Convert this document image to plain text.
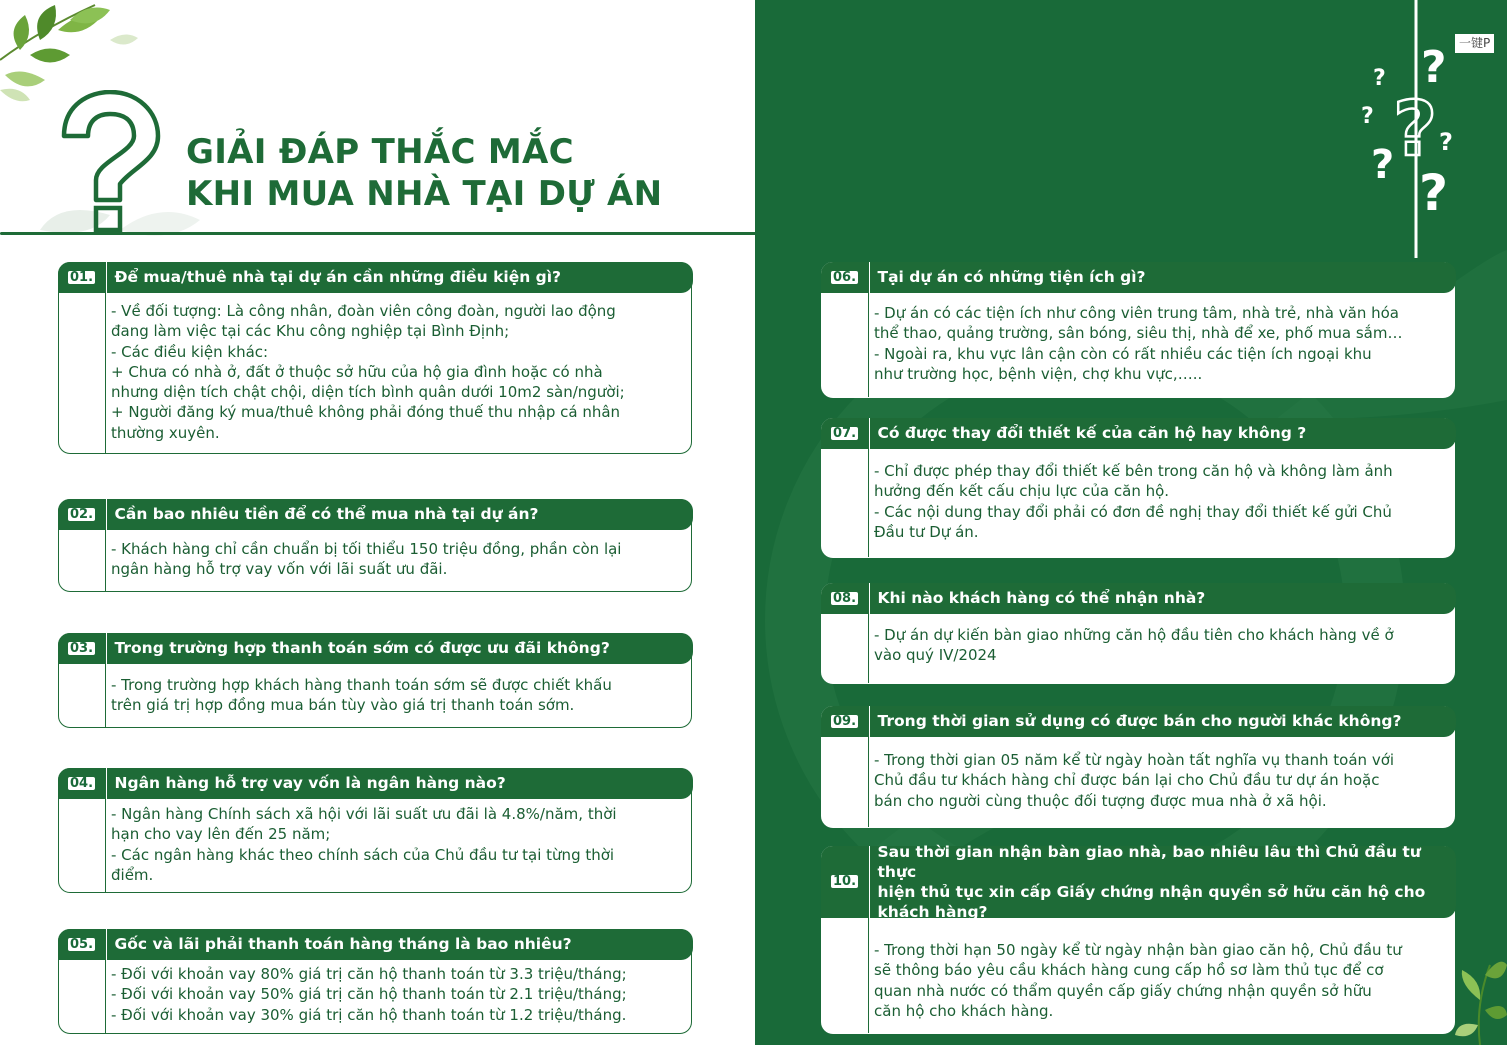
GIẢI ĐÁP THẮC MẮC
KHI MUA NHÀ TẠI DỰ ÁN
? ?
? ? ?
? ?
一键P
01.	Để mua/thuê nhà tại dự án cần những điều kiện gì?
- Về đối tượng: Là công nhân, đoàn viên công đoàn, người lao động
đang làm việc tại các Khu công nghiệp tại Bình Định;
- Các điều kiện khác:
+ Chưa có nhà ở, đất ở thuộc sở hữu của hộ gia đình hoặc có nhà
nhưng diện tích chật chội, diện tích bình quân dưới 10m2 sàn/người;
+ Người đăng ký mua/thuê không phải đóng thuế thu nhập cá nhân
thường xuyên.
02.	Cần bao nhiêu tiền để có thể mua nhà tại dự án?
- Khách hàng chỉ cần chuẩn bị tối thiểu 150 triệu đồng, phần còn lại
ngân hàng hỗ trợ vay vốn với lãi suất ưu đãi.
03.	Trong trường hợp thanh toán sớm có được ưu đãi không?
- Trong trường hợp khách hàng thanh toán sớm sẽ được chiết khấu
trên giá trị hợp đồng mua bán tùy vào giá trị thanh toán sớm.
04.	Ngân hàng hỗ trợ vay vốn là ngân hàng nào?
- Ngân hàng Chính sách xã hội với lãi suất ưu đãi là 4.8%/năm, thời
hạn cho vay lên đến 25 năm;
- Các ngân hàng khác theo chính sách của Chủ đầu tư tại từng thời
điểm.
05.	Gốc và lãi phải thanh toán hàng tháng là bao nhiêu?
- Đối với khoản vay 80% giá trị căn hộ thanh toán từ 3.3 triệu/tháng;
- Đối với khoản vay 50% giá trị căn hộ thanh toán từ 2.1 triệu/tháng;
- Đối với khoản vay 30% giá trị căn hộ thanh toán từ 1.2 triệu/tháng.
06.	Tại dự án có những tiện ích gì?
- Dự án có các tiện ích như công viên trung tâm, nhà trẻ, nhà văn hóa
thể thao, quảng trường, sân bóng, siêu thị, nhà để xe, phố mua sắm…
- Ngoài ra, khu vực lân cận còn có rất nhiều các tiện ích ngoại khu
như trường học, bệnh viện, chợ khu vực,…..
07.	Có được thay đổi thiết kế của căn hộ hay không ?
- Chỉ được phép thay đổi thiết kế bên trong căn hộ và không làm ảnh
hưởng đến kết cấu chịu lực của căn hộ.
- Các nội dung thay đổi phải có đơn đề nghị thay đổi thiết kế gửi Chủ
Đầu tư Dự án.
08.	Khi nào khách hàng có thể nhận nhà?
- Dự án dự kiến bàn giao những căn hộ đầu tiên cho khách hàng về ở
vào quý IV/2024
09.	Trong thời gian sử dụng có được bán cho người khác không?
- Trong thời gian 05 năm kể từ ngày hoàn tất nghĩa vụ thanh toán với
Chủ đầu tư khách hàng chỉ được bán lại cho Chủ đầu tư dự án hoặc
bán cho người cùng thuộc đối tượng được mua nhà ở xã hội.
10.
Sau thời gian nhận bàn giao nhà, bao nhiêu lâu thì Chủ đầu tư thực
hiện thủ tục xin cấp Giấy chứng nhận quyền sở hữu căn hộ cho
khách hàng?
- Trong thời hạn 50 ngày kể từ ngày nhận bàn giao căn hộ, Chủ đầu tư
sẽ thông báo yêu cầu khách hàng cung cấp hồ sơ làm thủ tục để cơ
quan nhà nước có thẩm quyền cấp giấy chứng nhận quyền sở hữu
căn hộ cho khách hàng.
